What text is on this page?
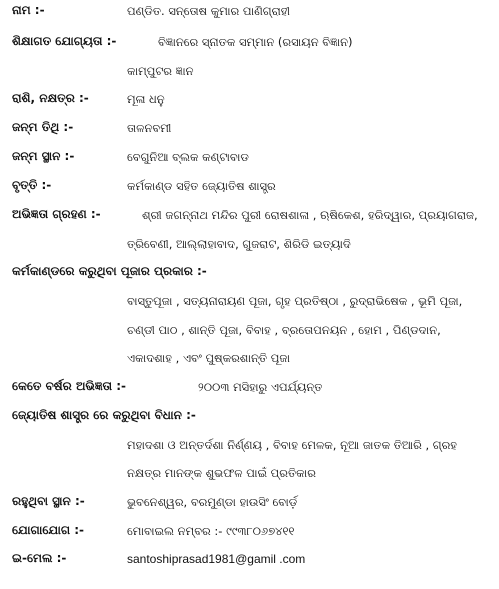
ନାମ :-	ପଣ୍ଡିତ. ସନ୍ତୋଷ କୁମାର ପାଣିଗ୍ରାହୀ
ଶିକ୍ଷାଗତ ଯୋଗ୍ୟତା :-	ବିଜ୍ଞାନରେ ସ୍ନାତକ ସମ୍ମାନ (ରସାୟନ ବିଜ୍ଞାନ)
କାମ୍ପୁଟର ଜ୍ଞାନ
ରାଶି, ନକ୍ଷତ୍ର :-	ମୂଳା ଧନୁ
ଜନ୍ମ ତିଥି :-	ତାଳନବମୀ
ଜନ୍ମ ସ୍ଥାନ :-	ବେଗୁନିଆ ବ୍ଲକ କଣ୍ଟାବାଡ
ବୃତ୍ତି :-	କର୍ମକାଣ୍ଡ ସହିତ ଜ୍ୟୋତିଷ ଶାସ୍ତ୍ର
ଅଭିଜ୍ଞତା ଗ୍ରହଣ :-	ଶ୍ରୀ ଜଗନ୍ନାଥ ମନ୍ଦିର ପୁରୀ ରୋଷଶାଳା , ଋଷିକେଶ, ହରିଦ୍ୱାର, ପ୍ରୟାଗରାଜ,
ତ୍ରିବେଣୀ, ଆଲ୍ଲାହାବାଦ, ଗୁଜରାଟ, ଶିରିଡି ଇତ୍ୟାଦି
କର୍ମକାଣ୍ଡରେ କରୁଥିବା ପୂଜାର ପ୍ରକାର :-
ବାସ୍ତୁପୂଜା , ସତ୍ୟନାରାୟଣ ପୂଜା, ଗୃହ ପ୍ରତିଷ୍ଠା , ରୁଦ୍ରାଭିଷେକ , ଭୂମି ପୂଜା,
ଚଣ୍ଡୀ ପାଠ , ଶାନ୍ତି ପୂଜା, ବିବାହ , ବ୍ରତୋପନୟନ , ହୋମ , ପିଣ୍ଡଦାନ,
ଏକାଦଶାହ , ଏବଂ ପୁଷ୍କରଶାନ୍ତି ପୂଜା
କେତେ ବର୍ଷର ଅଭିଜ୍ଞତା :-	୨୦୦୩ ମସିହାରୁ ଏପର୍ଯ୍ୟନ୍ତ
ଜ୍ୟୋତିଷ ଶାସ୍ତ୍ର ରେ କରୁଥିବା ବିଧାନ :-
ମହାଦଶା ଓ ଅନ୍ତର୍ଦଶା ନିର୍ଣ୍ଣୟ , ବିବାହ ମେଳକ, ନୂଆ ଜାତକ ତିଆରି , ଗ୍ରହ
ନକ୍ଷତ୍ର ମାନଙ୍କ ଶୁଭଫଳ ପାଇଁ ପ୍ରତିକାର
ରହୁଥିବା ସ୍ଥାନ :-	ଭୁବନେଶ୍ୱର, ବରମୁଣ୍ଡା ହାଉସିଂ ବୋର୍ଡ଼
ଯୋଗାଯୋଗ :-	ମୋବାଇଲ ନମ୍ବର :- ୯୯୩୮୦୬୭୪୧୧
ଇ-ମେଲ :-	santoshiprasad1981@gamil .com
